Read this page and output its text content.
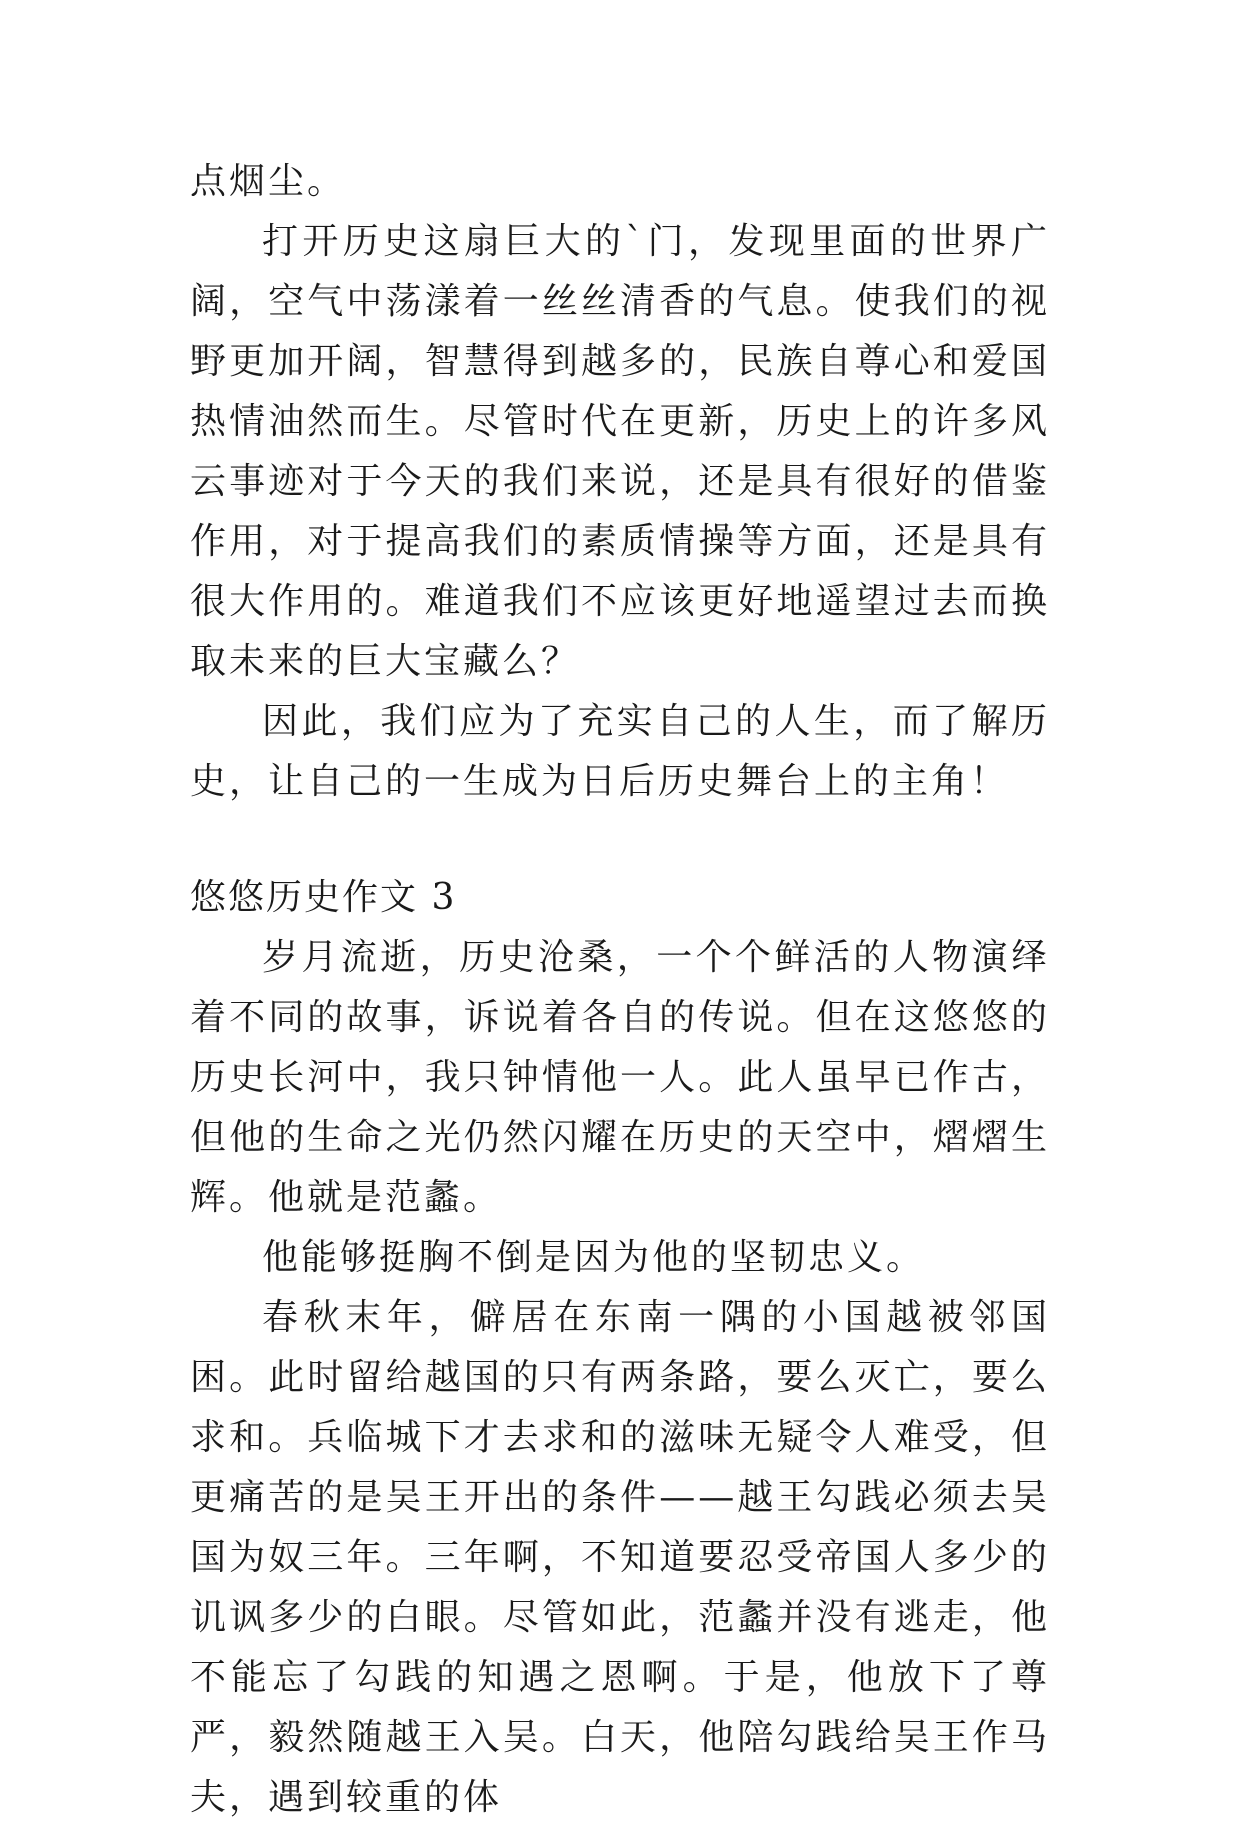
点烟尘。

打开历史这扇巨大的`门，发现里面的世界广阔，空气中荡漾着一丝丝清香的气息。使我们的视野更加开阔，智慧得到越多的，民族自尊心和爱国热情油然而生。尽管时代在更新，历史上的许多风云事迹对于今天的我们来说，还是具有很好的借鉴作用，对于提高我们的素质情操等方面，还是具有很大作用的。难道我们不应该更好地遥望过去而换取未来的巨大宝藏么？

因此，我们应为了充实自己的人生，而了解历史，让自己的一生成为日后历史舞台上的主角！

悠悠历史作文 3

岁月流逝，历史沧桑，一个个鲜活的人物演绎着不同的故事，诉说着各自的传说。但在这悠悠的历史长河中，我只钟情他一人。此人虽早已作古，但他的生命之光仍然闪耀在历史的天空中，熠熠生辉。他就是范蠡。

他能够挺胸不倒是因为他的坚韧忠义。

春秋末年，僻居在东南一隅的小国越被邻国困。此时留给越国的只有两条路，要么灭亡，要么求和。兵临城下才去求和的滋味无疑令人难受，但更痛苦的是吴王开出的条件——越王勾践必须去吴国为奴三年。三年啊，不知道要忍受帝国人多少的讥讽多少的白眼。尽管如此，范蠡并没有逃走，他不能忘了勾践的知遇之恩啊。于是，他放下了尊严，毅然随越王入吴。白天，他陪勾践给吴王作马夫，遇到较重的体
